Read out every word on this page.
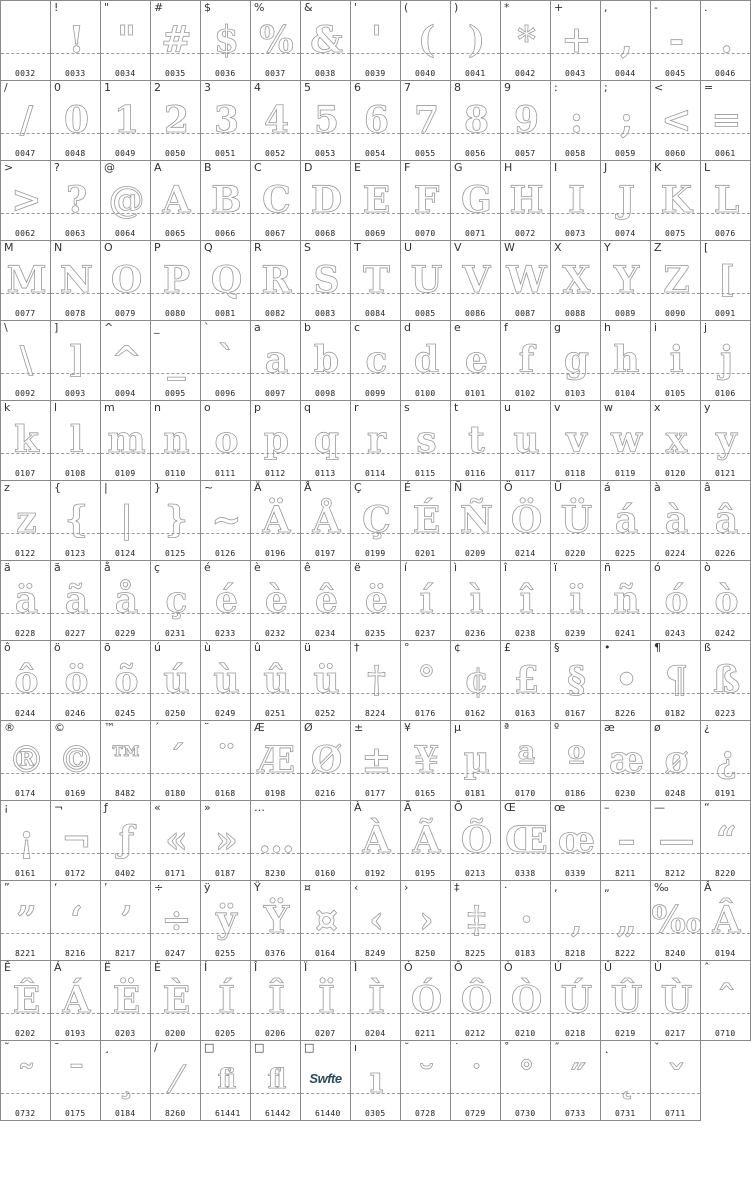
0032
!
!
0033
"
"
0034
#
#
0035
$
$
0036
%
%
0037
&
&
0038
'
'
0039
(
(
0040
)
)
0041
*
*
0042
+
+
0043
,
,
0044
-
-
0045
.
.
0046
/
/
0047
0
0
0048
1
1
0049
2
2
0050
3
3
0051
4
4
0052
5
5
0053
6
6
0054
7
7
0055
8
8
0056
9
9
0057
:
:
0058
;
;
0059
<
<
0060
=
=
0061
>
>
0062
?
?
0063
@
@
0064
A
A
0065
B
B
0066
C
C
0067
D
D
0068
E
E
0069
F
F
0070
G
G
0071
H
H
0072
I
I
0073
J
J
0074
K
K
0075
L
L
0076
M
M
0077
N
N
0078
O
O
0079
P
P
0080
Q
Q
0081
R
R
0082
S
S
0083
T
T
0084
U
U
0085
V
V
0086
W
W
0087
X
X
0088
Y
Y
0089
Z
Z
0090
[
[
0091
\
\
0092
]
]
0093
^
^
0094
_
_
0095
`
`
0096
a
a
0097
b
b
0098
c
c
0099
d
d
0100
e
e
0101
f
f
0102
g
g
0103
h
h
0104
i
i
0105
j
j
0106
k
k
0107
l
l
0108
m
m
0109
n
n
0110
o
o
0111
p
p
0112
q
q
0113
r
r
0114
s
s
0115
t
t
0116
u
u
0117
v
v
0118
w
w
0119
x
x
0120
y
y
0121
z
z
0122
{
{
0123
|
|
0124
}
}
0125
~
~
0126
Ä
Ä
0196
Å
Å
0197
Ç
Ç
0199
É
É
0201
Ñ
Ñ
0209
Ö
Ö
0214
Ü
Ü
0220
á
á
0225
à
à
0224
â
â
0226
ä
ä
0228
ã
ã
0227
å
å
0229
ç
ç
0231
é
é
0233
è
è
0232
ê
ê
0234
ë
ë
0235
í
í
0237
ì
ì
0236
î
î
0238
ï
ï
0239
ñ
ñ
0241
ó
ó
0243
ò
ò
0242
ô
ô
0244
ö
ö
0246
õ
õ
0245
ú
ú
0250
ù
ù
0249
û
û
0251
ü
ü
0252
†
†
8224
°
°
0176
¢
¢
0162
£
£
0163
§
§
0167
•
•
8226
¶
¶
0182
ß
ß
0223
®
®
0174
©
©
0169
™
™
8482
´
´
0180
¨
¨
0168
Æ
Æ
0198
Ø
Ø
0216
±
±
0177
¥
¥
0165
µ
µ
0181
ª
ª
0170
º
º
0186
æ
æ
0230
ø
ø
0248
¿
¿
0191
¡
¡
0161
¬
¬
0172
ƒ
ƒ
0402
«
«
0171
»
»
0187
…
…
8230	0160
À
À
0192
Ã
Ã
0195
Õ
Õ
0213
Œ
Œ
0338
œ
œ
0339
–
–
8211
—
—
8212
“
“
8220
”
”
8221
‘
‘
8216
’
’
8217
÷
÷
0247
ÿ
ÿ
0255
Ÿ
Ÿ
0376
¤
¤
0164
‹
‹
8249
›
›
8250
‡
‡
8225
·
·
0183
‚
‚
8218
„
„
8222
‰
‰
8240
Â
Â
0194
Ê
Ê
0202
Á
Á
0193
Ë
Ë
0203
È
È
0200
Í
Í
0205
Î
Î
0206
Ï
Ï
0207
Ì
Ì
0204
Ó
Ó
0211
Ô
Ô
0212
Ò
Ò
0210
Ú
Ú
0218
Û
Û
0219
Ù
Ù
0217
ˆ
ˆ
0710
˜
˜
0732
¯
¯
0175
¸
¸
0184
/
⁄
8260
□
fi
61441
□
fl
61442
□
Swfte
61440
ı
ı
0305
˘
˘
0728
˙
˙
0729
˚
˚
0730
˝
˝
0733
˛
˛
0731
ˇ
ˇ
0711
